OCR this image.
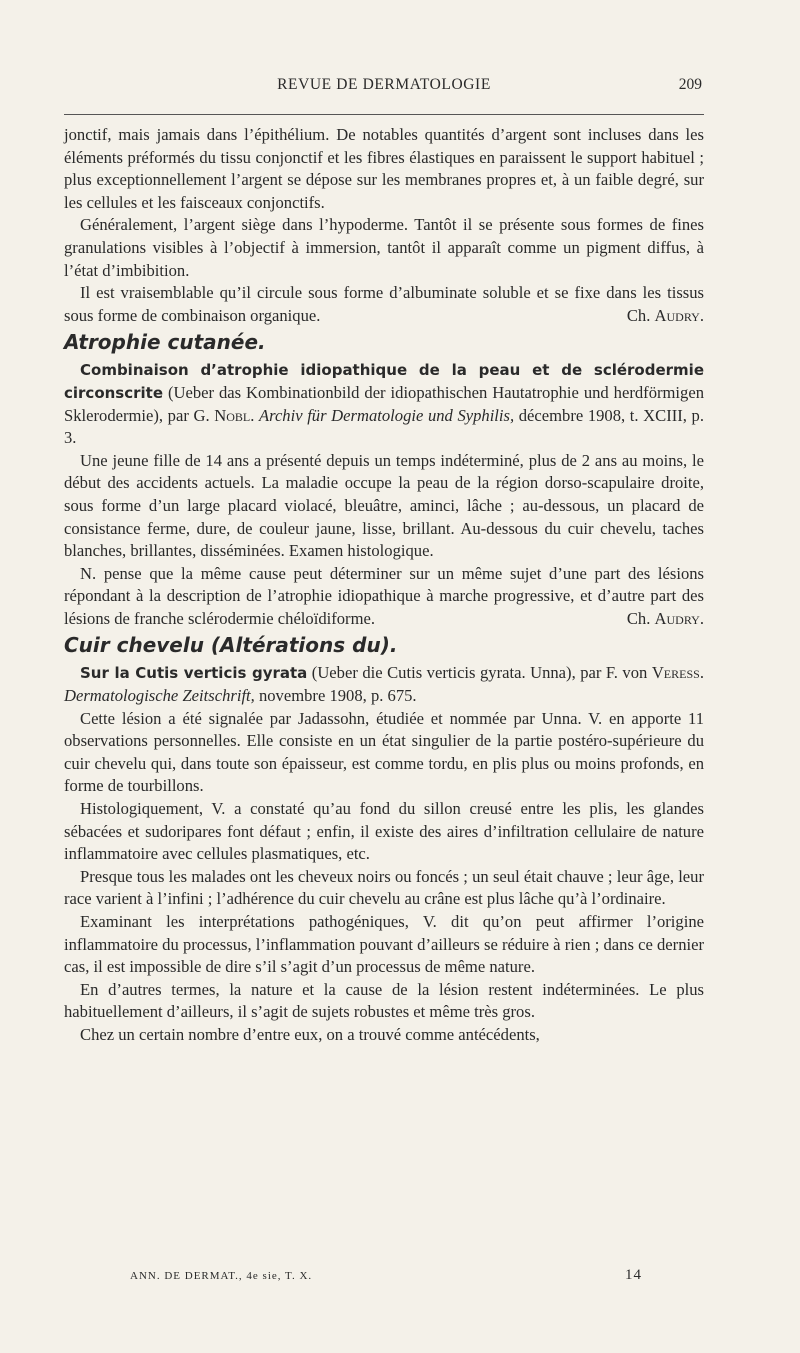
REVUE DE DERMATOLOGIE	209

jonctif, mais jamais dans l’épithélium. De notables quantités d’argent sont incluses dans les éléments préformés du tissu conjonctif et les fibres élastiques en paraissent le support habituel ; plus exceptionnellement l’argent se dépose sur les membranes propres et, à un faible degré, sur les cellules et les faisceaux conjonctifs.

Généralement, l’argent siège dans l’hypoderme. Tantôt il se présente sous formes de fines granulations visibles à l’objectif à immersion, tantôt il apparaît comme un pigment diffus, à l’état d’imbibition.

Il est vraisemblable qu’il circule sous forme d’albuminate soluble et se fixe dans les tissus sous forme de combinaison organique.	Ch. Audry.

Atrophie cutanée.

Combinaison d’atrophie idiopathique de la peau et de sclérodermie circonscrite (Ueber das Kombinationbild der idiopathischen Hautatrophie und herdförmigen Sklerodermie), par G. Nobl. Archiv für Dermatologie und Syphilis, décembre 1908, t. XCIII, p. 3.

Une jeune fille de 14 ans a présenté depuis un temps indéterminé, plus de 2 ans au moins, le début des accidents actuels. La maladie occupe la peau de la région dorso-scapulaire droite, sous forme d’un large placard violacé, bleuâtre, aminci, lâche ; au-dessous, un placard de consistance ferme, dure, de couleur jaune, lisse, brillant. Au-dessous du cuir chevelu, taches blanches, brillantes, disséminées. Examen histologique.

N. pense que la même cause peut déterminer sur un même sujet d’une part des lésions répondant à la description de l’atrophie idiopathique à marche progressive, et d’autre part des lésions de franche sclérodermie chéloïdiforme.	Ch. Audry.

Cuir chevelu (Altérations du).

Sur la Cutis verticis gyrata (Ueber die Cutis verticis gyrata. Unna), par F. von Veress. Dermatologische Zeitschrift, novembre 1908, p. 675.

Cette lésion a été signalée par Jadassohn, étudiée et nommée par Unna. V. en apporte 11 observations personnelles. Elle consiste en un état singulier de la partie postéro-supérieure du cuir chevelu qui, dans toute son épaisseur, est comme tordu, en plis plus ou moins profonds, en forme de tourbillons.

Histologiquement, V. a constaté qu’au fond du sillon creusé entre les plis, les glandes sébacées et sudoripares font défaut ; enfin, il existe des aires d’infiltration cellulaire de nature inflammatoire avec cellules plasmatiques, etc.

Presque tous les malades ont les cheveux noirs ou foncés ; un seul était chauve ; leur âge, leur race varient à l’infini ; l’adhérence du cuir chevelu au crâne est plus lâche qu’à l’ordinaire.

Examinant les interprétations pathogéniques, V. dit qu’on peut affirmer l’origine inflammatoire du processus, l’inflammation pouvant d’ailleurs se réduire à rien ; dans ce dernier cas, il est impossible de dire s’il s’agit d’un processus de même nature.

En d’autres termes, la nature et la cause de la lésion restent indéterminées. Le plus habituellement d’ailleurs, il s’agit de sujets robustes et même très gros.

Chez un certain nombre d’entre eux, on a trouvé comme antécédents,

ANN. DE DERMAT., 4e sie, T. X.	14
